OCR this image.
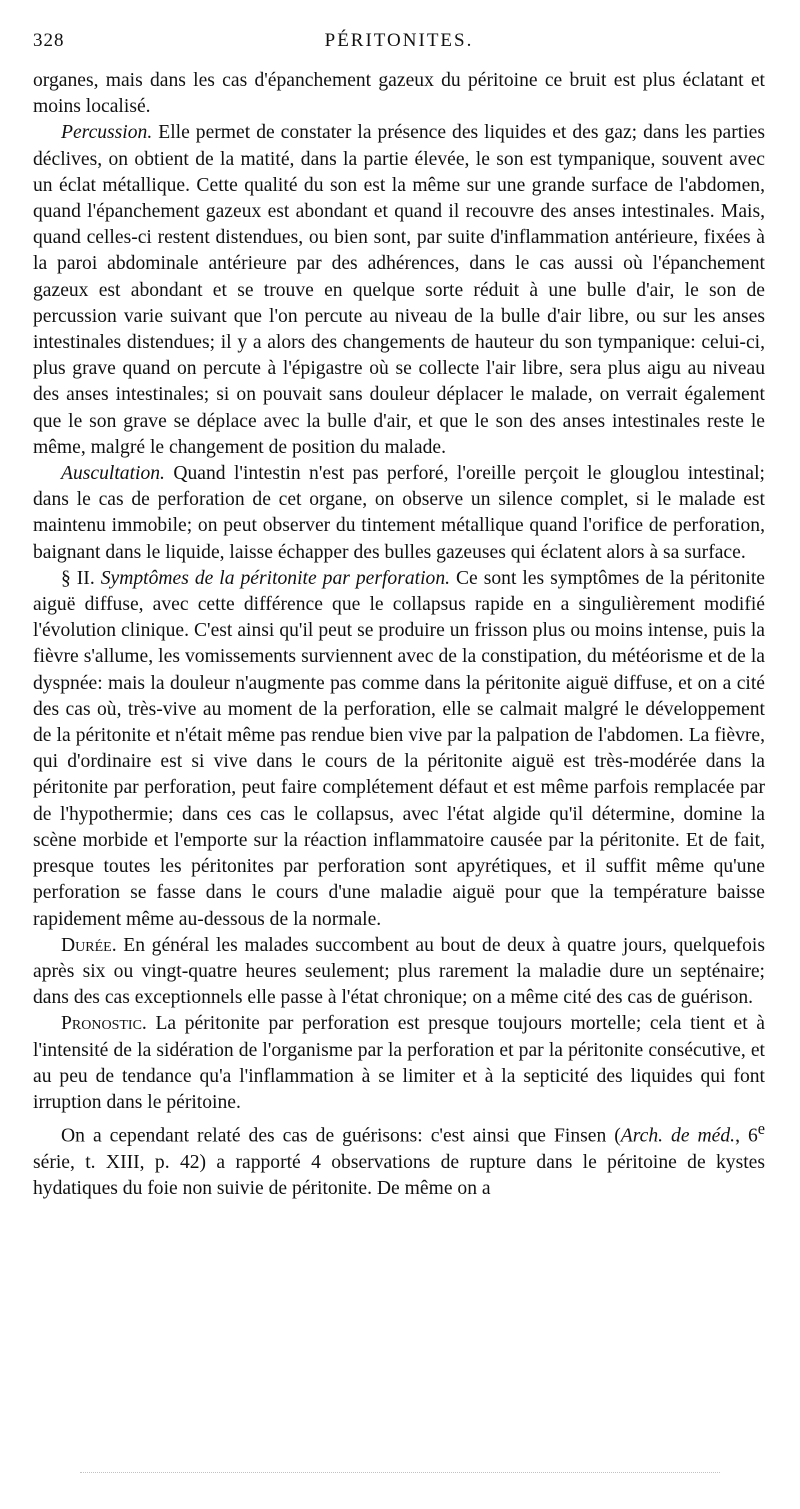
328	PÉRITONITES.

organes, mais dans les cas d'épanchement gazeux du péritoine ce bruit est plus éclatant et moins localisé.

Percussion. Elle permet de constater la présence des liquides et des gaz; dans les parties déclives, on obtient de la matité, dans la partie élevée, le son est tympanique, souvent avec un éclat métallique. Cette qualité du son est la même sur une grande surface de l'abdomen, quand l'épanchement gazeux est abondant et quand il recouvre des anses intestinales. Mais, quand celles-ci restent distendues, ou bien sont, par suite d'inflammation antérieure, fixées à la paroi abdominale antérieure par des adhérences, dans le cas aussi où l'épanchement gazeux est abondant et se trouve en quelque sorte réduit à une bulle d'air, le son de percussion varie suivant que l'on percute au niveau de la bulle d'air libre, ou sur les anses intestinales distendues; il y a alors des changements de hauteur du son tympanique: celui-ci, plus grave quand on percute à l'épigastre où se collecte l'air libre, sera plus aigu au niveau des anses intestinales; si on pouvait sans douleur déplacer le malade, on verrait également que le son grave se déplace avec la bulle d'air, et que le son des anses intestinales reste le même, malgré le changement de position du malade.

Auscultation. Quand l'intestin n'est pas perforé, l'oreille perçoit le glouglou intestinal; dans le cas de perforation de cet organe, on observe un silence complet, si le malade est maintenu immobile; on peut observer du tintement métallique quand l'orifice de perforation, baignant dans le liquide, laisse échapper des bulles gazeuses qui éclatent alors à sa surface.

§ II. Symptômes de la péritonite par perforation. Ce sont les symptômes de la péritonite aiguë diffuse, avec cette différence que le collapsus rapide en a singulièrement modifié l'évolution clinique. C'est ainsi qu'il peut se produire un frisson plus ou moins intense, puis la fièvre s'allume, les vomissements surviennent avec de la constipation, du météorisme et de la dyspnée: mais la douleur n'augmente pas comme dans la péritonite aiguë diffuse, et on a cité des cas où, très-vive au moment de la perforation, elle se calmait malgré le développement de la péritonite et n'était même pas rendue bien vive par la palpation de l'abdomen. La fièvre, qui d'ordinaire est si vive dans le cours de la péritonite aiguë est très-modérée dans la péritonite par perforation, peut faire complétement défaut et est même parfois remplacée par de l'hypothermie; dans ces cas le collapsus, avec l'état algide qu'il détermine, domine la scène morbide et l'emporte sur la réaction inflammatoire causée par la péritonite. Et de fait, presque toutes les péritonites par perforation sont apyrétiques, et il suffit même qu'une perforation se fasse dans le cours d'une maladie aiguë pour que la température baisse rapidement même au-dessous de la normale.

Durée. En général les malades succombent au bout de deux à quatre jours, quelquefois après six ou vingt-quatre heures seulement; plus rarement la maladie dure un septénaire; dans des cas exceptionnels elle passe à l'état chronique; on a même cité des cas de guérison.

Pronostic. La péritonite par perforation est presque toujours mortelle; cela tient et à l'intensité de la sidération de l'organisme par la perforation et par la péritonite consécutive, et au peu de tendance qu'a l'inflammation à se limiter et à la septicité des liquides qui font irruption dans le péritoine.

On a cependant relaté des cas de guérisons: c'est ainsi que Finsen (Arch. de méd., 6e série, t. XIII, p. 42) a rapporté 4 observations de rupture dans le péritoine de kystes hydatiques du foie non suivie de péritonite. De même on a
